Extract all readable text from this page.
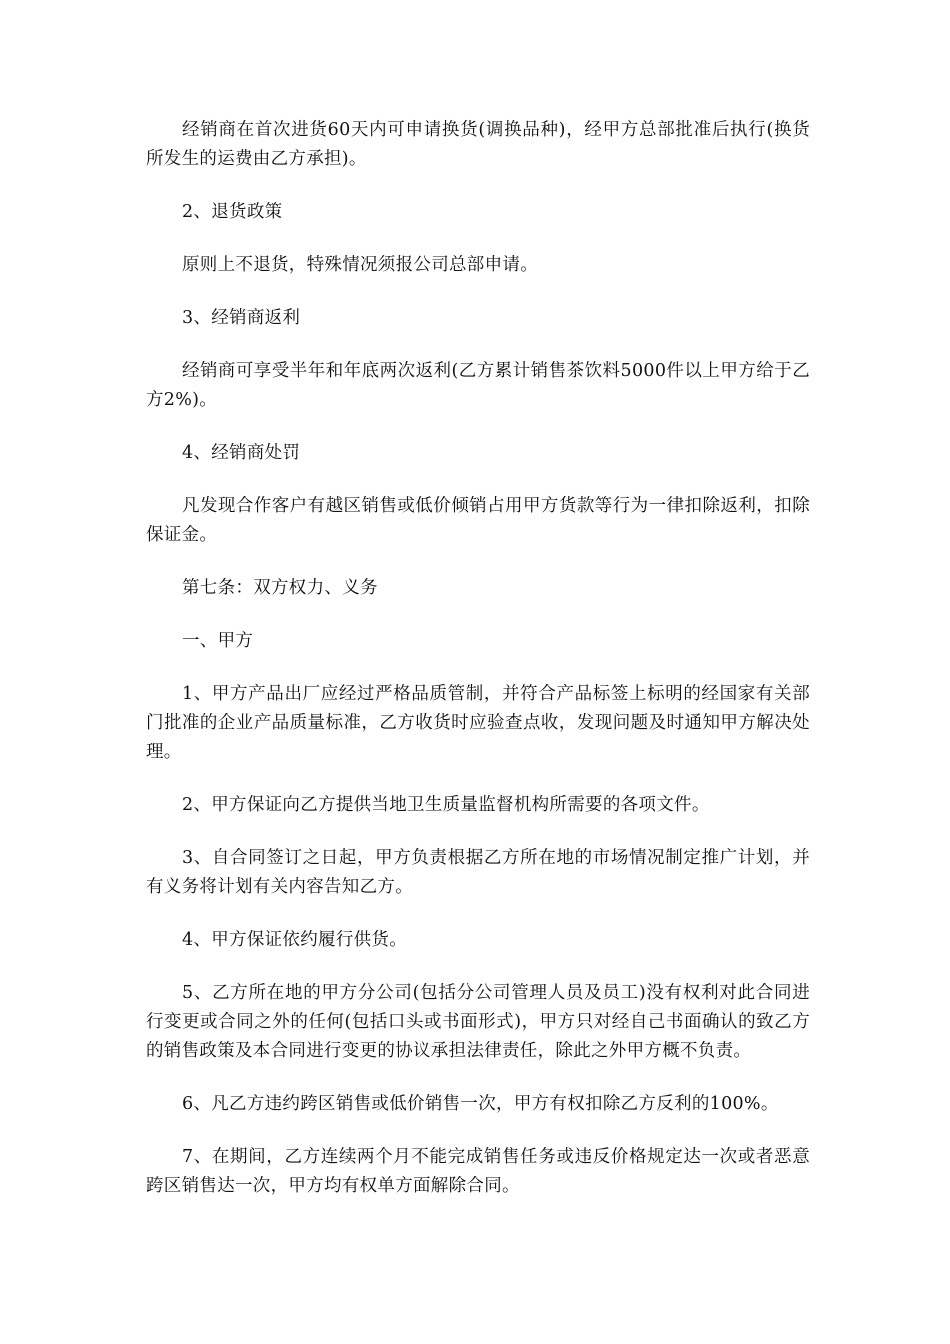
经销商在首次进货60天内可申请换货(调换品种)，经甲方总部批准后执行(换货所发生的运费由乙方承担)。

2、退货政策

原则上不退货，特殊情况须报公司总部申请。

3、经销商返利

经销商可享受半年和年底两次返利(乙方累计销售茶饮料5000件以上甲方给于乙方2%)。

4、经销商处罚

凡发现合作客户有越区销售或低价倾销占用甲方货款等行为一律扣除返利，扣除保证金。

第七条：双方权力、义务

一、甲方

1、甲方产品出厂应经过严格品质管制，并符合产品标签上标明的经国家有关部门批准的企业产品质量标准，乙方收货时应验查点收，发现问题及时通知甲方解决处理。

2、甲方保证向乙方提供当地卫生质量监督机构所需要的各项文件。

3、自合同签订之日起，甲方负责根据乙方所在地的市场情况制定推广计划，并有义务将计划有关内容告知乙方。

4、甲方保证依约履行供货。

5、乙方所在地的甲方分公司(包括分公司管理人员及员工)没有权利对此合同进行变更或合同之外的任何(包括口头或书面形式)，甲方只对经自己书面确认的致乙方的销售政策及本合同进行变更的协议承担法律责任，除此之外甲方概不负责。

6、凡乙方违约跨区销售或低价销售一次，甲方有权扣除乙方反利的100%。

7、在期间，乙方连续两个月不能完成销售任务或违反价格规定达一次或者恶意跨区销售达一次，甲方均有权单方面解除合同。
